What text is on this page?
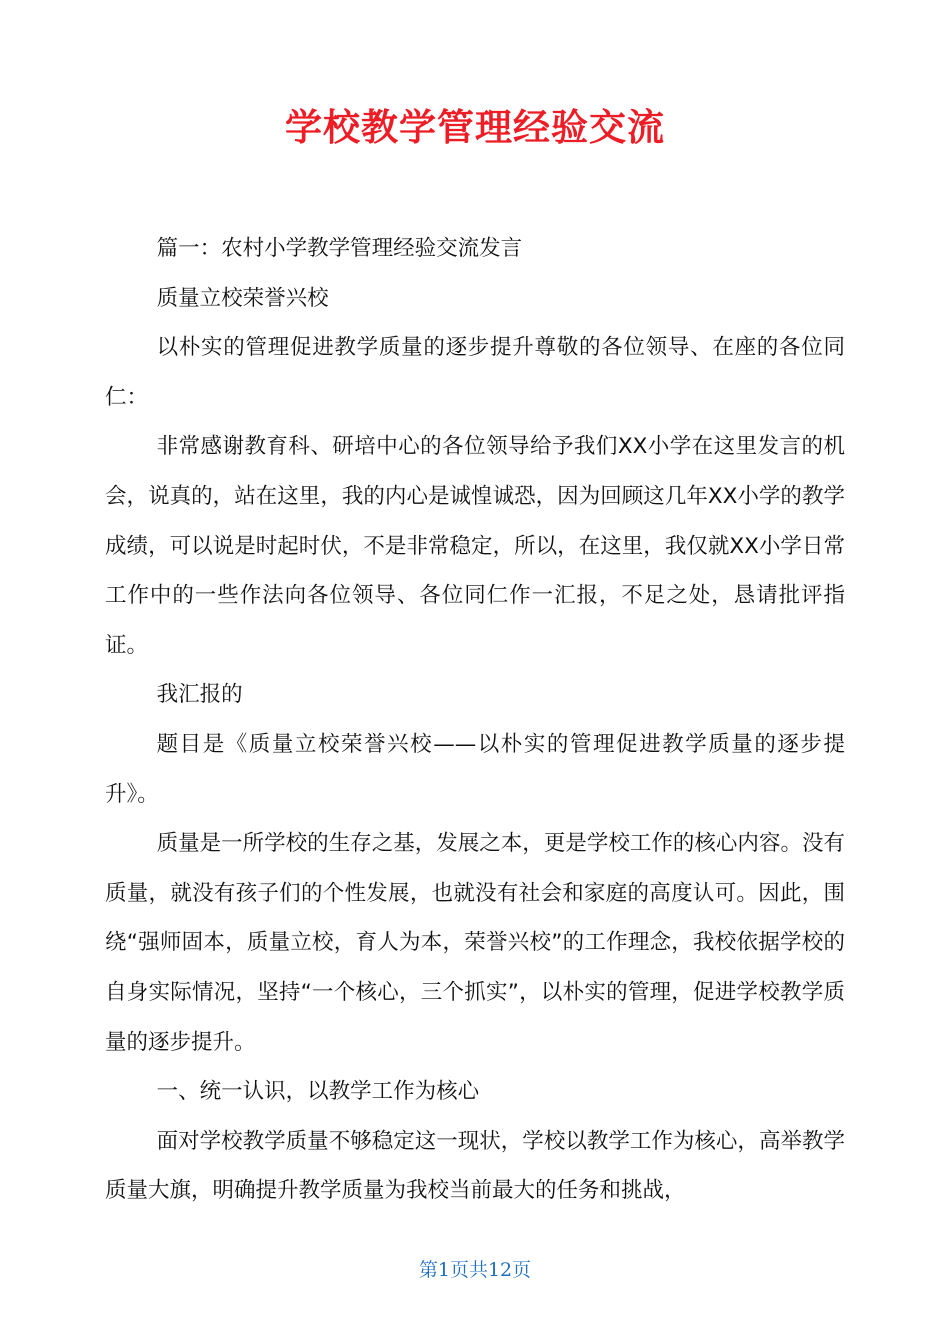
学校教学管理经验交流

篇一：农村小学教学管理经验交流发言

质量立校荣誉兴校

以朴实的管理促进教学质量的逐步提升尊敬的各位领导、在座的各位同仁：

非常感谢教育科、研培中心的各位领导给予我们XX小学在这里发言的机会，说真的，站在这里，我的内心是诚惶诚恐，因为回顾这几年XX小学的教学成绩，可以说是时起时伏，不是非常稳定，所以，在这里，我仅就XX小学日常工作中的一些作法向各位领导、各位同仁作一汇报，不足之处，恳请批评指证。

我汇报的

题目是《质量立校荣誉兴校——以朴实的管理促进教学质量的逐步提升》。

质量是一所学校的生存之基，发展之本，更是学校工作的核心内容。没有质量，就没有孩子们的个性发展，也就没有社会和家庭的高度认可。因此，围绕“强师固本，质量立校，育人为本，荣誉兴校”的工作理念，我校依据学校的自身实际情况，坚持“一个核心，三个抓实”，以朴实的管理，促进学校教学质量的逐步提升。

一、统一认识，以教学工作为核心

面对学校教学质量不够稳定这一现状，学校以教学工作为核心，高举教学质量大旗，明确提升教学质量为我校当前最大的任务和挑战，

第1页共12页
